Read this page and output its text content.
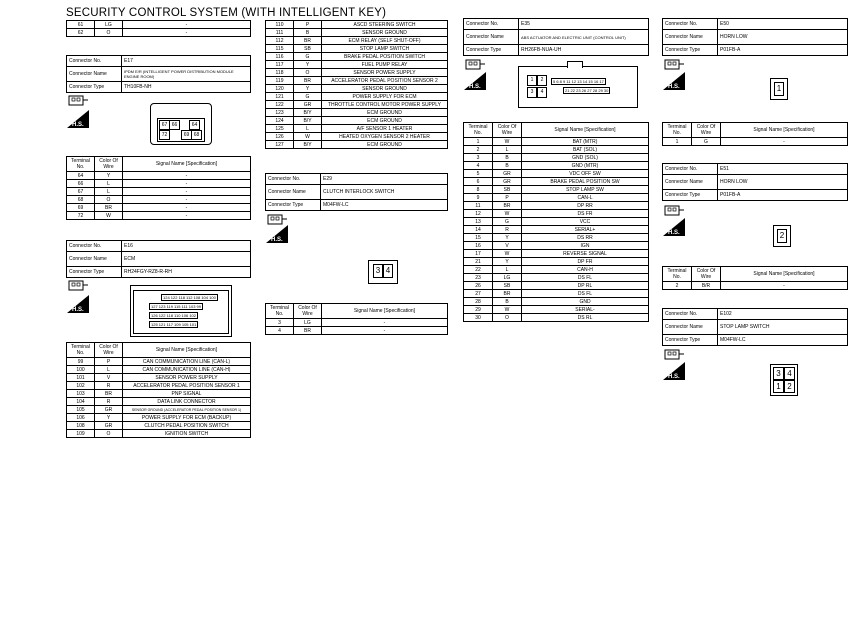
SECURITY CONTROL SYSTEM (WITH INTELLIGENT KEY)
61	LG	-
62	O	-
Connector No.	E17
Connector Name	IPDM E/R (INTELLIGENT POWER DISTRIBUTION MODULE ENGINE ROOM)
Connector Type	TH10FB-NH
H.S.	67 66	64
72	69 68
Terminal No.	Color Of Wire	Signal Name [Specification]
64	Y	-
66	L	-
67	L	-
68	O	-
69	BR	-
72	W	-
Connector No.	E16
Connector Name	ECM
Connector Type	RH24FGY-RZ8-R-RH
H.S.
124 122 118 112 108 104 100
127 123 119 115 111 103 99
126 122 118 110 106 102
125 121 117 109 105 101
Terminal No.	Color Of Wire	Signal Name [Specification]
99	P	CAN COMMUNICATION LINE (CAN-L)
100	L	CAN COMMUNICATION LINE (CAN-H)
101	V	SENSOR POWER SUPPLY
102	R	ACCELERATOR PEDAL POSITION SENSOR 1
103	BR	PNP SIGNAL
104	R	DATA LINK CONNECTOR
105	GR	SENSOR GROUND (ACCELERATOR PEDAL POSITION SENSOR 1)
106	Y	POWER SUPPLY FOR ECM (BACKUP)
108	GR	CLUTCH PEDAL POSITION SWITCH
109	O	IGNITION SWITCH
110	P	ASCD STEERING SWITCH
111	B	SENSOR GROUND
112	BR	ECM RELAY (SELF SHUT-OFF)
115	SB	STOP LAMP SWITCH
116	G	BRAKE PEDAL POSITION SWITCH
117	Y	FUEL PUMP RELAY
118	O	SENSOR POWER SUPPLY
119	BR	ACCELERATOR PEDAL POSITION SENSOR 2
120	Y	SENSOR GROUND
121	G	POWER SUPPLY FOR ECM
122	GR	THROTTLE CONTROL MOTOR POWER SUPPLY
123	B/Y	ECM GROUND
124	B/Y	ECM GROUND
125	L	A/F SENSOR 1 HEATER
126	W	HEATED OXYGEN SENSOR 2 HEATER
127	B/Y	ECM GROUND
Connector No.	E29
Connector Name	CLUTCH INTERLOCK SWITCH
Connector Type	M04FW-LC
H.S.
3 4
Terminal No.	Color Of Wire	Signal Name [Specification]
3	LG	-
4	BR	-
Connector No.	E35
Connector Name	ABS ACTUATOR AND ELECTRIC UNIT (CONTROL UNIT)
Connector Type	RH26FB-NUA-UH
H.S.
1	2
3	4
5 6 8 9 11 12 13 14 15 16 17
21 22 23 26 27 28 29 30
Terminal No.	Color Of Wire	Signal Name [Specification]
1	W	BAT (MTR)
2	L	BAT (SOL)
3	B	GND (SOL)
4	B	GND (MTR)
5	GR	VDC OFF SW
6	GR	BRAKE PEDAL POSITION SW
8	SB	STOP LAMP SW
9	P	CAN-L
11	BR	DP RR
12	W	DS FR
13	G	VCC
14	R	SERIAL+
15	Y	DS RR
16	V	IGN
17	W	REVERSE SIGNAL
21	Y	DP FR
22	L	CAN-H
23	LG	DS FL
26	SB	DP RL
27	BR	DS FL
28	B	GND
29	W	SERIAL-
30	O	DS RL
Connector No.	E50
Connector Name	HORN LOW
Connector Type	P01FB-A
H.S.	1
Terminal No.	Color Of Wire	Signal Name [Specification]
1	G	-
Connector No.	E51
Connector Name	HORN LOW
Connector Type	P01FB-A
H.S.	2
Terminal No.	Color Of Wire	Signal Name [Specification]
2	B/R	-
Connector No.	E102
Connector Name	STOP LAMP SWITCH
Connector Type	M04FW-LC
H.S.	3 4
1 2
